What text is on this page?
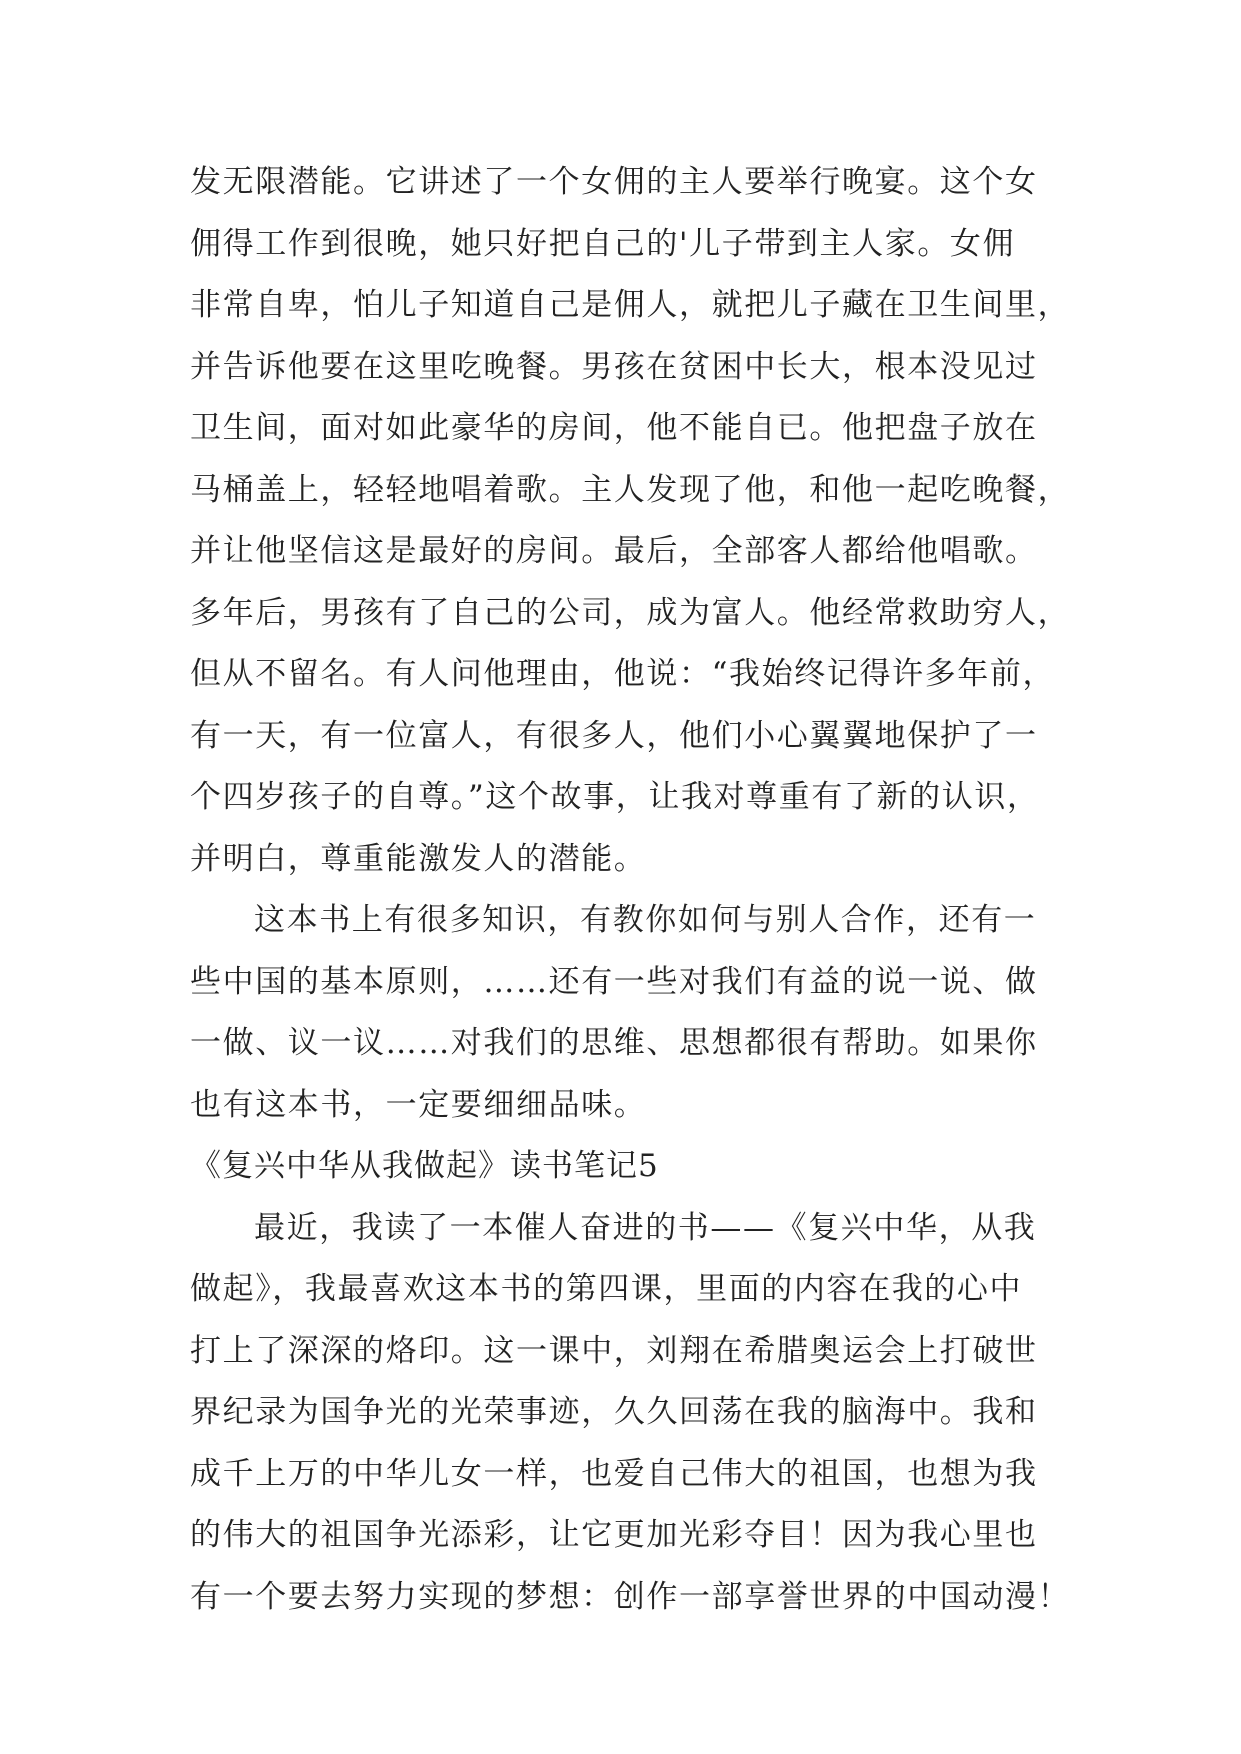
发无限潜能。它讲述了一个女佣的主人要举行晚宴。这个女
佣得工作到很晚，她只好把自己的'儿子带到主人家。女佣
非常自卑，怕儿子知道自己是佣人，就把儿子藏在卫生间里，
并告诉他要在这里吃晚餐。男孩在贫困中长大，根本没见过
卫生间，面对如此豪华的房间，他不能自已。他把盘子放在
马桶盖上，轻轻地唱着歌。主人发现了他，和他一起吃晚餐，
并让他坚信这是最好的房间。最后，全部客人都给他唱歌。
多年后，男孩有了自己的公司，成为富人。他经常救助穷人，
但从不留名。有人问他理由，他说：“我始终记得许多年前，
有一天，有一位富人，有很多人，他们小心翼翼地保护了一
个四岁孩子的自尊。”这个故事，让我对尊重有了新的认识，
并明白，尊重能激发人的潜能。
这本书上有很多知识，有教你如何与别人合作，还有一
些中国的基本原则，……还有一些对我们有益的说一说、做
一做、议一议……对我们的思维、思想都很有帮助。如果你
也有这本书，一定要细细品味。
《复兴中华从我做起》读书笔记5
最近，我读了一本催人奋进的书——《复兴中华，从我
做起》，我最喜欢这本书的第四课，里面的内容在我的心中
打上了深深的烙印。这一课中，刘翔在希腊奥运会上打破世
界纪录为国争光的光荣事迹，久久回荡在我的脑海中。我和
成千上万的中华儿女一样，也爱自己伟大的祖国，也想为我
的伟大的祖国争光添彩，让它更加光彩夺目！因为我心里也
有一个要去努力实现的梦想：创作一部享誉世界的中国动漫！
